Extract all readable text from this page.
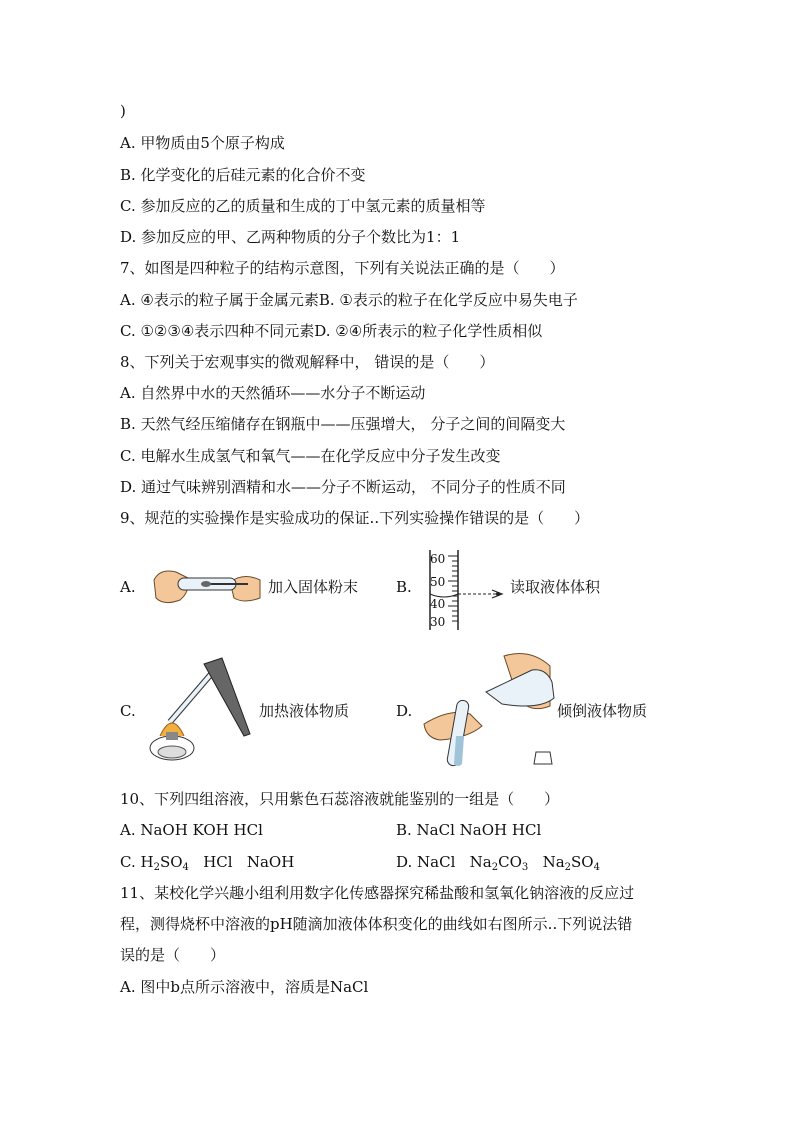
)
A. 甲物质由5个原子构成
B. 化学变化的后硅元素的化合价不变
C. 参加反应的乙的质量和生成的丁中氢元素的质量相等
D. 参加反应的甲、乙两种物质的分子个数比为1：1
7、如图是四种粒子的结构示意图，下列有关说法正确的是（　　）
A. ④表示的粒子属于金属元素B. ①表示的粒子在化学反应中易失电子
C. ①②③④表示四种不同元素D. ②④所表示的粒子化学性质相似
8、下列关于宏观事实的微观解释中， 错误的是（　　）
A. 自然界中水的天然循环——水分子不断运动
B. 天然气经压缩储存在钢瓶中——压强增大， 分子之间的间隔变大
C. 电解水生成氢气和氧气——在化学反应中分子发生改变
D. 通过气味辨别酒精和水——分子不断运动， 不同分子的性质不同
9、规范的实验操作是实验成功的保证..下列实验操作错误的是（　　）
A.	加入固体粉末	B.
60
50
40
30
读取液体体积
C.	加热液体物质	D.	倾倒液体物质
10、下列四组溶液，只用紫色石蕊溶液就能鉴别的一组是（　　）
A. NaOH KOH HCl	B. NaCl NaOH HCl
C. $H_2SO_4$   HCl   NaOH	D. NaCl   $Na_2CO_3$   $Na_2SO_4$
11、某校化学兴趣小组利用数字化传感器探究稀盐酸和氢氧化钠溶液的反应过
程，测得烧杯中溶液的pH随滴加液体体积变化的曲线如右图所示..下列说法错
误的是（　　）
A. 图中b点所示溶液中，溶质是NaCl
